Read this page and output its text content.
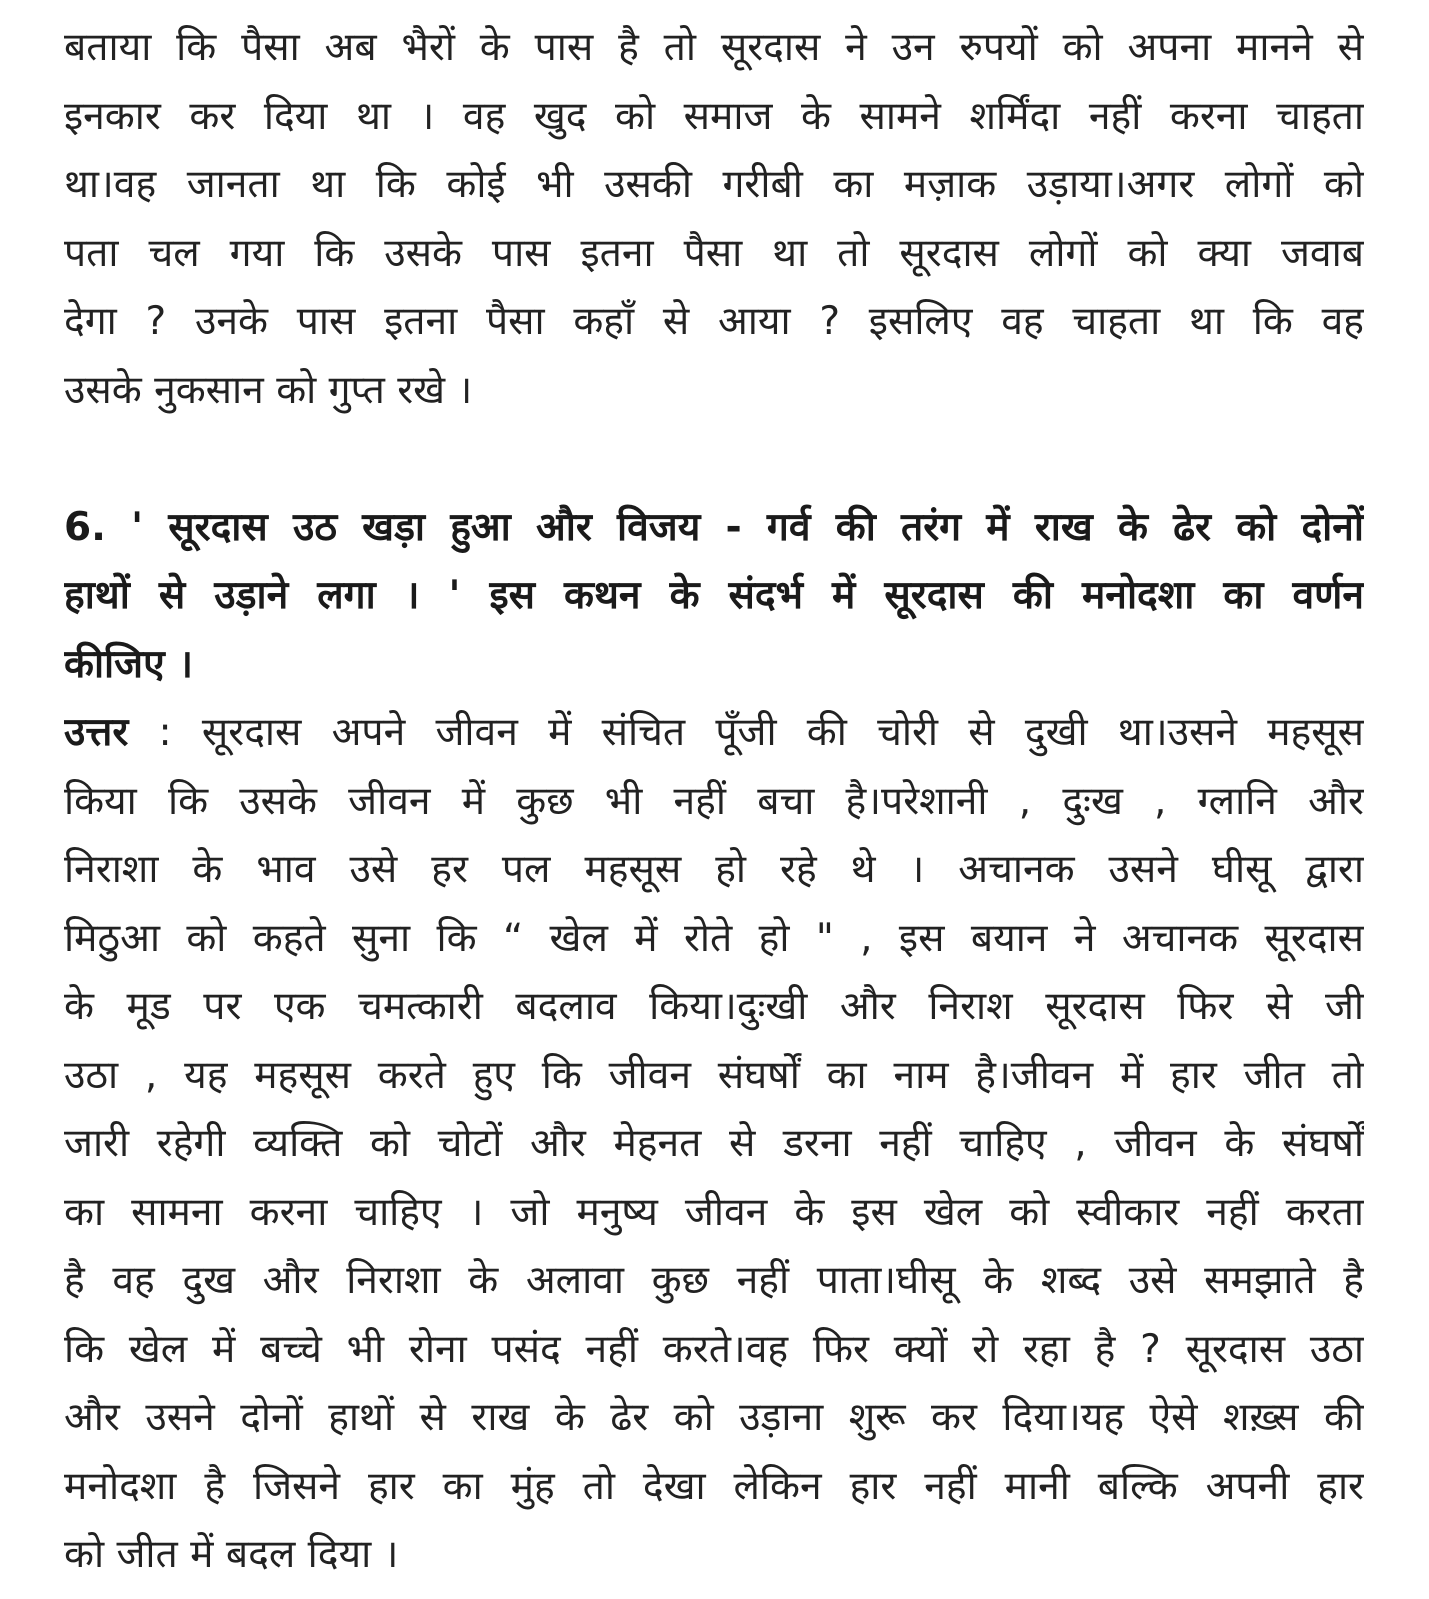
बताया कि पैसा अब भैरों के पास है तो सूरदास ने उन रुपयों को अपना मानने से
इनकार कर दिया था । वह खुद को समाज के सामने शर्मिंदा नहीं करना चाहता
था।वह जानता था कि कोई भी उसकी गरीबी का मज़ाक उड़ाया।अगर लोगों को
पता चल गया कि उसके पास इतना पैसा था तो सूरदास लोगों को क्या जवाब
देगा ? उनके पास इतना पैसा कहाँ से आया ? इसलिए वह चाहता था कि वह
उसके नुकसान को गुप्त रखे ।
6. ' सूरदास उठ खड़ा हुआ और विजय - गर्व की तरंग में राख के ढेर को दोनों
हाथों से उड़ाने लगा । ' इस कथन के संदर्भ में सूरदास की मनोदशा का वर्णन
कीजिए ।
उत्तर : सूरदास अपने जीवन में संचित पूँजी की चोरी से दुखी था।उसने महसूस
किया कि उसके जीवन में कुछ भी नहीं बचा है।परेशानी , दुःख , ग्लानि और
निराशा के भाव उसे हर पल महसूस हो रहे थे । अचानक उसने घीसू द्वारा
मिठुआ को कहते सुना कि “ खेल में रोते हो " , इस बयान ने अचानक सूरदास
के मूड पर एक चमत्कारी बदलाव किया।दुःखी और निराश सूरदास फिर से जी
उठा , यह महसूस करते हुए कि जीवन संघर्षों का नाम है।जीवन में हार जीत तो
जारी रहेगी व्यक्ति को चोटों और मेहनत से डरना नहीं चाहिए , जीवन के संघर्षों
का सामना करना चाहिए । जो मनुष्य जीवन के इस खेल को स्वीकार नहीं करता
है वह दुख और निराशा के अलावा कुछ नहीं पाता।घीसू के शब्द उसे समझाते है
कि खेल में बच्चे भी रोना पसंद नहीं करते।वह फिर क्यों रो रहा है ? सूरदास उठा
और उसने दोनों हाथों से राख के ढेर को उड़ाना शुरू कर दिया।यह ऐसे शख़्स की
मनोदशा है जिसने हार का मुंह तो देखा लेकिन हार नहीं मानी बल्कि अपनी हार
को जीत में बदल दिया ।
